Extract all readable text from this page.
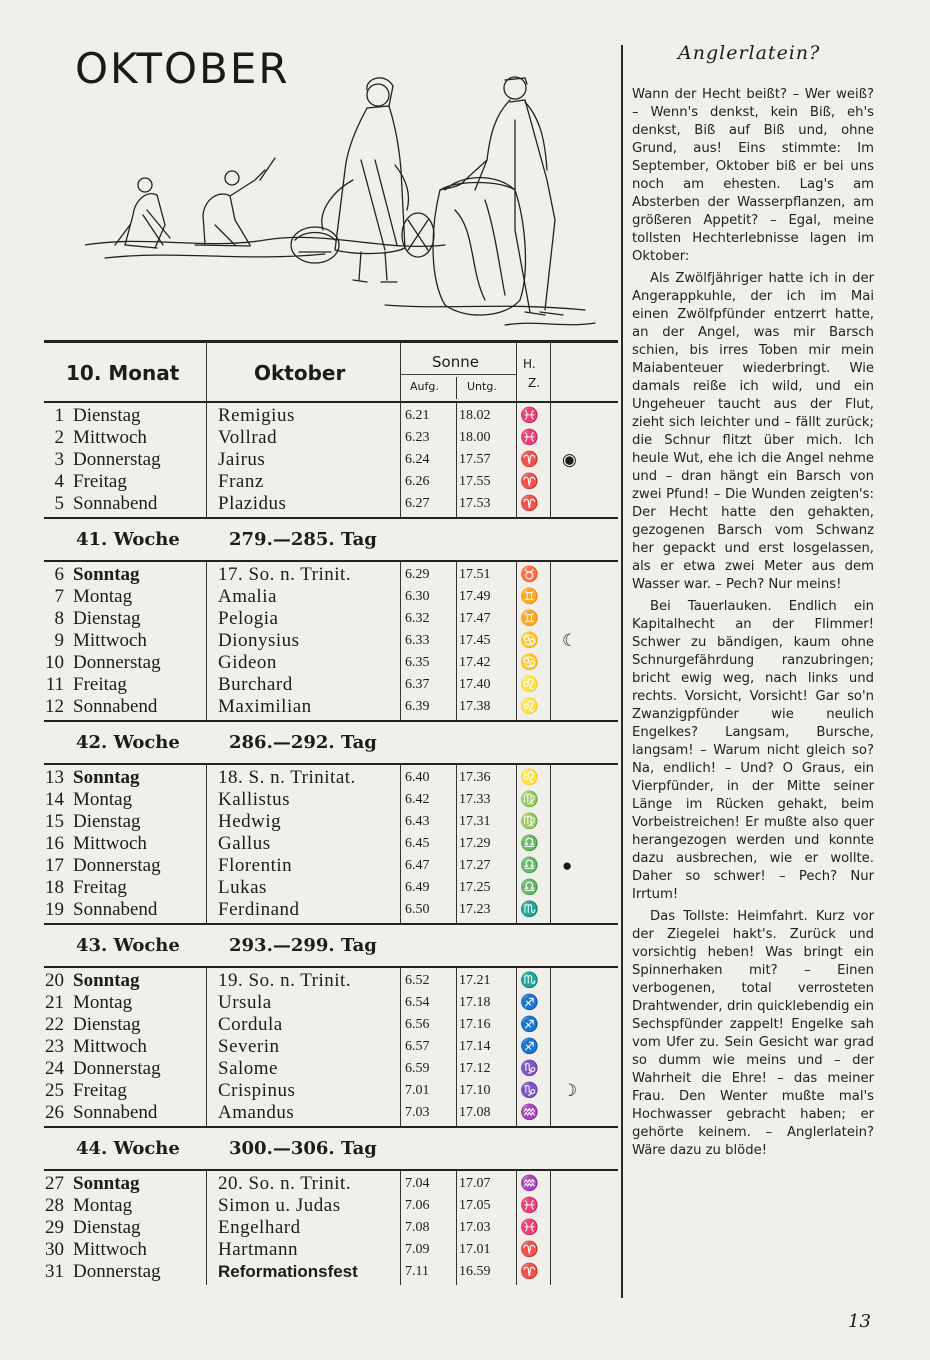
OKTOBER
10. Monat	Oktober	Sonne
Aufg.	Untg.
H.
Z.
1 Dienstag	Remigius	6.21 18.02 ♓
2 Mittwoch	Vollrad	6.23 18.00 ♓
3 Donnerstag	Jairus	6.24 17.57 ♈ ◉
4 Freitag	Franz	6.26 17.55 ♈
5 Sonnabend	Plazidus	6.27 17.53 ♈
41. Woche	279.—285. Tag
6 Sonntag	17. So. n. Trinit.	6.29 17.51 ♉
7 Montag	Amalia	6.30 17.49 ♊
8 Dienstag	Pelogia	6.32 17.47 ♊
9 Mittwoch	Dionysius	6.33 17.45 ♋ ☾
10 Donnerstag	Gideon	6.35 17.42 ♋
11 Freitag	Burchard	6.37 17.40 ♌
12 Sonnabend	Maximilian	6.39 17.38 ♌
42. Woche	286.—292. Tag
13 Sonntag	18. S. n. Trinitat.	6.40 17.36 ♌
14 Montag	Kallistus	6.42 17.33 ♍
15 Dienstag	Hedwig	6.43 17.31 ♍
16 Mittwoch	Gallus	6.45 17.29 ♎
17 Donnerstag	Florentin	6.47 17.27 ♎ ●
18 Freitag	Lukas	6.49 17.25 ♎
19 Sonnabend	Ferdinand	6.50 17.23 ♏
43. Woche	293.—299. Tag
20 Sonntag	19. So. n. Trinit.	6.52 17.21 ♏
21 Montag	Ursula	6.54 17.18 ♐
22 Dienstag	Cordula	6.56 17.16 ♐
23 Mittwoch	Severin	6.57 17.14 ♐
24 Donnerstag	Salome	6.59 17.12 ♑
25 Freitag	Crispinus	7.01 17.10 ♑ ☽
26 Sonnabend	Amandus	7.03 17.08 ♒
44. Woche	300.—306. Tag
27 Sonntag	20. So. n. Trinit.	7.04 17.07 ♒
28 Montag	Simon u. Judas	7.06 17.05 ♓
29 Dienstag	Engelhard	7.08 17.03 ♓
30 Mittwoch	Hartmann	7.09 17.01 ♈
31 Donnerstag	Reformationsfest	7.11 16.59 ♈
Anglerlatein?

Wann der Hecht beißt? – Wer weiß? – Wenn's denkst, kein Biß, eh's denkst, Biß auf Biß und, ohne Grund, aus! Eins stimmte: Im September, Oktober biß er bei uns noch am ehesten. Lag's am Absterben der Wasserpflanzen, am größeren Appetit? – Egal, meine tollsten Hechterlebnisse lagen im Oktober:

Als Zwölfjähriger hatte ich in der Angerappkuhle, der ich im Mai einen Zwölfpfünder entzerrt hatte, an der Angel, was mir Barsch schien, bis irres Toben mir mein Maiabenteuer wiederbringt. Wie damals reiße ich wild, und ein Ungeheuer taucht aus der Flut, zieht sich leichter und – fällt zurück; die Schnur flitzt über mich. Ich heule Wut, ehe ich die Angel nehme und – dran hängt ein Barsch von zwei Pfund! – Die Wunden zeigten's: Der Hecht hatte den gehakten, gezogenen Barsch vom Schwanz her gepackt und erst losgelassen, als er etwa zwei Meter aus dem Wasser war. – Pech? Nur meins!

Bei Tauerlauken. Endlich ein Kapitalhecht an der Flimmer! Schwer zu bändigen, kaum ohne Schnurgefährdung ranzubringen; bricht ewig weg, nach links und rechts. Vorsicht, Vorsicht! Gar so'n Zwanzigpfünder wie neulich Engelkes? Langsam, Bursche, langsam! – Warum nicht gleich so? Na, endlich! – Und? O Graus, ein Vierpfünder, in der Mitte seiner Länge im Rücken gehakt, beim Vorbeistreichen! Er mußte also quer herangezogen werden und konnte dazu ausbrechen, wie er wollte. Daher so schwer! – Pech? Nur Irrtum!

Das Tollste: Heimfahrt. Kurz vor der Ziegelei hakt's. Zurück und vorsichtig heben! Was bringt ein Spinnerhaken mit? – Einen verbogenen, total verrosteten Drahtwender, drin quicklebendig ein Sechspfünder zappelt! Engelke sah vom Ufer zu. Sein Gesicht war grad so dumm wie meins und – der Wahrheit die Ehre! – das meiner Frau. Den Wenter mußte mal's Hochwasser gebracht haben; er gehörte keinem. – Anglerlatein? Wäre dazu zu blöde!

13
